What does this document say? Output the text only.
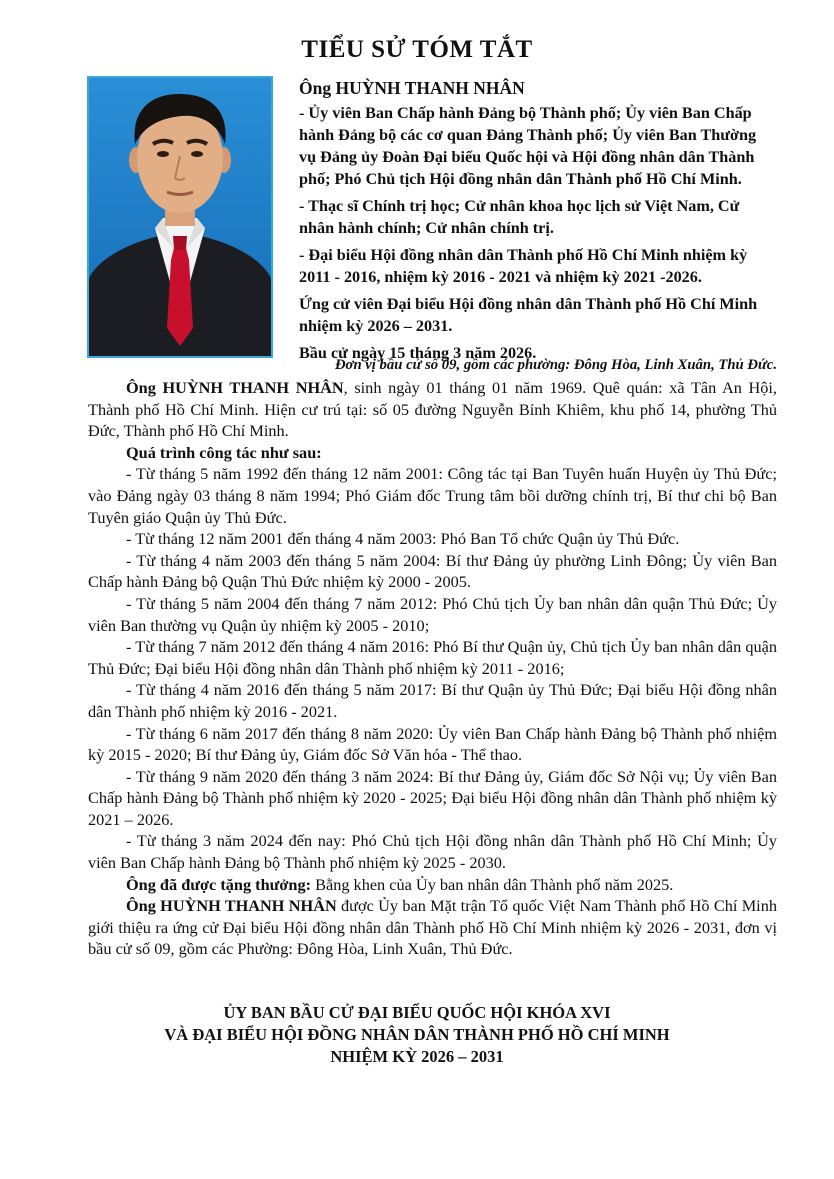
TIỂU SỬ TÓM TẮT

Ông HUỲNH THANH NHÂN

- Ủy viên Ban Chấp hành Đảng bộ Thành phố; Ủy viên Ban Chấp hành Đảng bộ các cơ quan Đảng Thành phố; Ủy viên Ban Thường vụ Đảng ủy Đoàn Đại biểu Quốc hội và Hội đồng nhân dân Thành phố; Phó Chủ tịch Hội đồng nhân dân Thành phố Hồ Chí Minh.

- Thạc sĩ Chính trị học; Cử nhân khoa học lịch sử Việt Nam, Cử nhân hành chính; Cử nhân chính trị.

- Đại biểu Hội đồng nhân dân Thành phố Hồ Chí Minh nhiệm kỳ 2011 - 2016, nhiệm kỳ 2016 - 2021 và nhiệm kỳ 2021 -2026.

Ứng cử viên Đại biểu Hội đồng nhân dân Thành phố Hồ Chí Minh nhiệm kỳ 2026 – 2031.

Bầu cử ngày 15 tháng 3 năm 2026.

Đơn vị bầu cử số 09, gồm các phường: Đông Hòa, Linh Xuân, Thủ Đức.

Ông HUỲNH THANH NHÂN, sinh ngày 01 tháng 01 năm 1969. Quê quán: xã Tân An Hội, Thành phố Hồ Chí Minh. Hiện cư trú tại: số 05 đường Nguyễn Bỉnh Khiêm, khu phố 14, phường Thủ Đức, Thành phố Hồ Chí Minh.

Quá trình công tác như sau:

- Từ tháng 5 năm 1992 đến tháng 12 năm 2001: Công tác tại Ban Tuyên huấn Huyện ủy Thủ Đức; vào Đảng ngày 03 tháng 8 năm 1994; Phó Giám đốc Trung tâm bồi dưỡng chính trị, Bí thư chi bộ Ban Tuyên giáo Quận ủy Thủ Đức.

- Từ tháng 12 năm 2001 đến tháng 4 năm 2003: Phó Ban Tổ chức Quận ủy Thủ Đức.

- Từ tháng 4 năm 2003 đến tháng 5 năm 2004: Bí thư Đảng ủy phường Linh Đông; Ủy viên Ban Chấp hành Đảng bộ Quận Thủ Đức nhiệm kỳ 2000 - 2005.

- Từ tháng 5 năm 2004 đến tháng 7 năm 2012: Phó Chủ tịch Ủy ban nhân dân quận Thủ Đức; Ủy viên Ban thường vụ Quận ủy nhiệm kỳ 2005 - 2010;

- Từ tháng 7 năm 2012 đến tháng 4 năm 2016: Phó Bí thư Quận ủy, Chủ tịch Ủy ban nhân dân quận Thủ Đức; Đại biểu Hội đồng nhân dân Thành phố nhiệm kỳ 2011 - 2016;

- Từ tháng 4 năm 2016 đến tháng 5 năm 2017: Bí thư Quận ủy Thủ Đức; Đại biểu Hội đồng nhân dân Thành phố nhiệm kỳ 2016 - 2021.

- Từ tháng 6 năm 2017 đến tháng 8 năm 2020: Ủy viên Ban Chấp hành Đảng bộ Thành phố nhiệm kỳ 2015 - 2020; Bí thư Đảng ủy, Giám đốc Sở Văn hóa - Thể thao.

- Từ tháng 9 năm 2020 đến tháng 3 năm 2024: Bí thư Đảng ủy, Giám đốc Sở Nội vụ; Ủy viên Ban Chấp hành Đảng bộ Thành phố nhiệm kỳ 2020 - 2025; Đại biểu Hội đồng nhân dân Thành phố nhiệm kỳ 2021 – 2026.

- Từ tháng 3 năm 2024 đến nay: Phó Chủ tịch Hội đồng nhân dân Thành phố Hồ Chí Minh; Ủy viên Ban Chấp hành Đảng bộ Thành phố nhiệm kỳ 2025 - 2030.

Ông đã được tặng thưởng: Bằng khen của Ủy ban nhân dân Thành phố năm 2025.

Ông HUỲNH THANH NHÂN được Ủy ban Mặt trận Tổ quốc Việt Nam Thành phố Hồ Chí Minh giới thiệu ra ứng cử Đại biểu Hội đồng nhân dân Thành phố Hồ Chí Minh nhiệm kỳ 2026 - 2031, đơn vị bầu cử số 09, gồm các Phường: Đông Hòa, Linh Xuân, Thủ Đức.

ỦY BAN BẦU CỬ ĐẠI BIỂU QUỐC HỘI KHÓA XVI
VÀ ĐẠI BIỂU HỘI ĐỒNG NHÂN DÂN THÀNH PHỐ HỒ CHÍ MINH
NHIỆM KỲ 2026 – 2031
